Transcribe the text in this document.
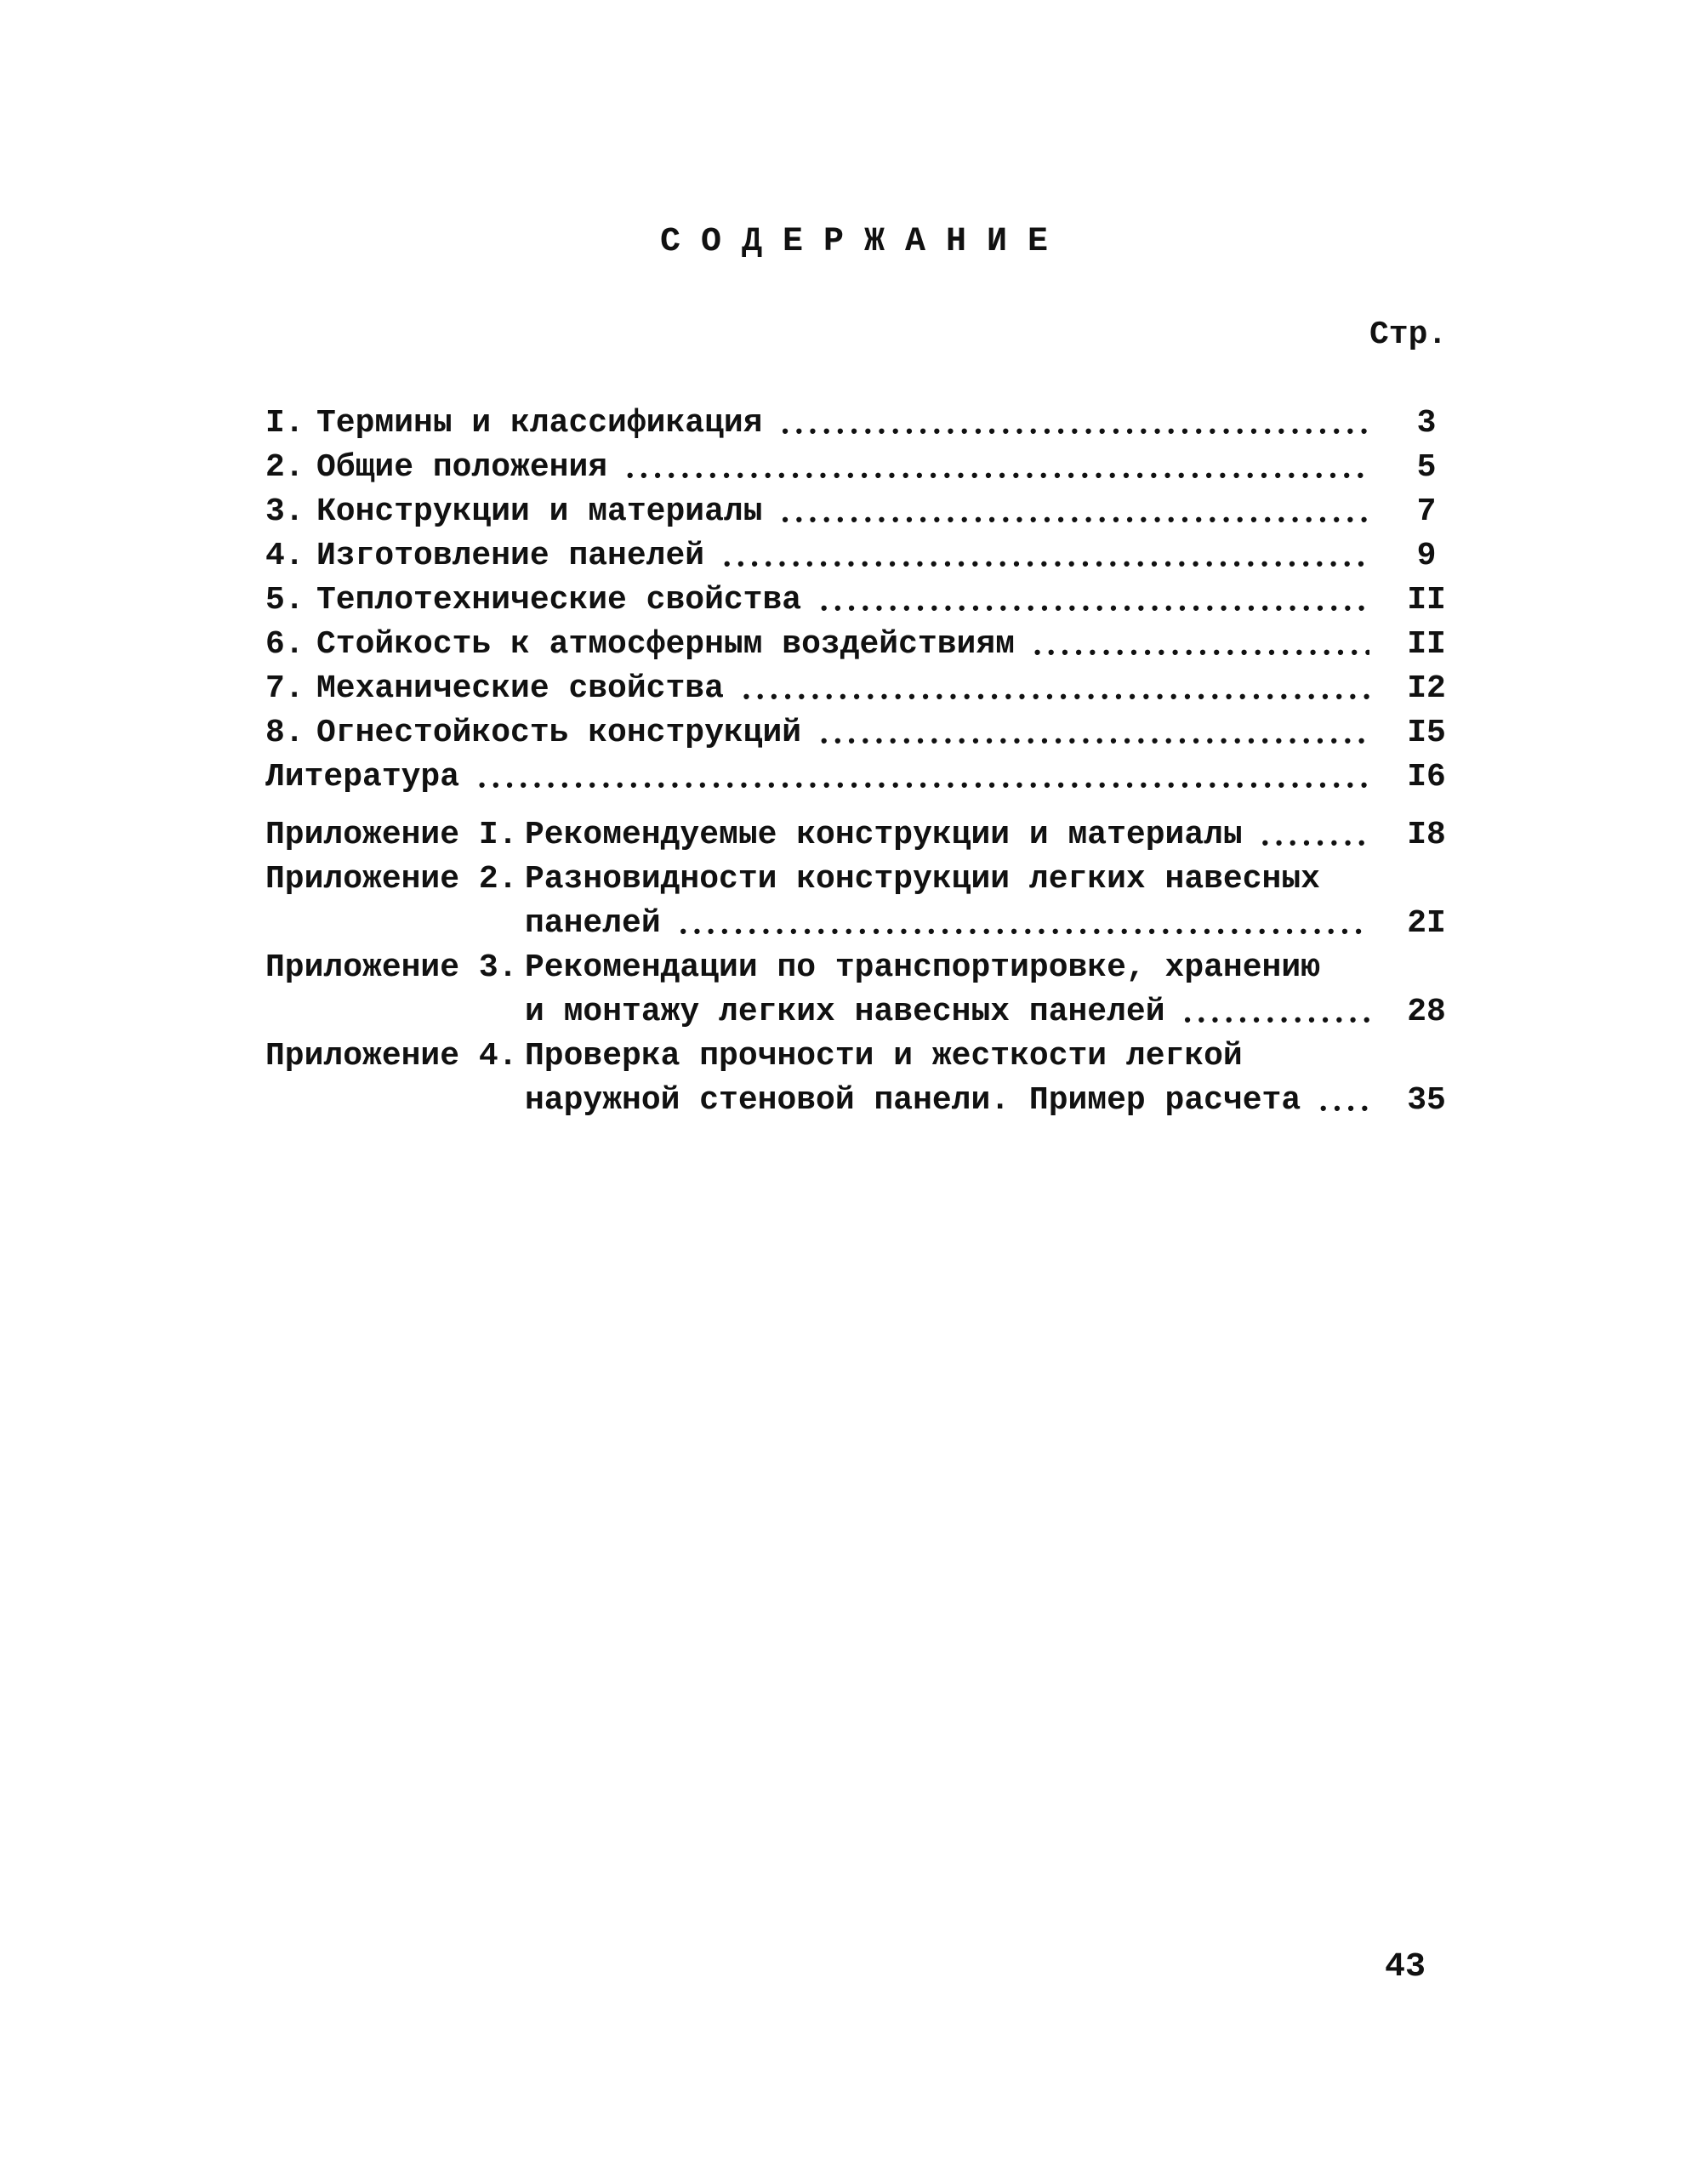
СОДЕРЖАНИЕ
Стр.
I. Термины и классификация •••••	3
2. Общие положения •••••	5
3. Конструкции и материалы •••••	7
4. Изготовление панелей •••••	9
5. Теплотехнические свойства •••••	II
6. Стойкость к атмосферным воздействиям •••••	II
7. Механические свойства •••••	I2
8. Огнестойкость конструкций •••••	I5
Литература •••••	I6
Приложение I. Рекомендуемые конструкции и материалы •••••	I8
Приложение 2. Разновидности конструкции легких навесных
панелей •••••	2I
Приложение 3. Рекомендации по транспортировке, хранению
и монтажу легких навесных панелей •••••	28
Приложение 4. Проверка прочности и жесткости легкой
наружной стеновой панели. Пример расчета •••••	35
43
